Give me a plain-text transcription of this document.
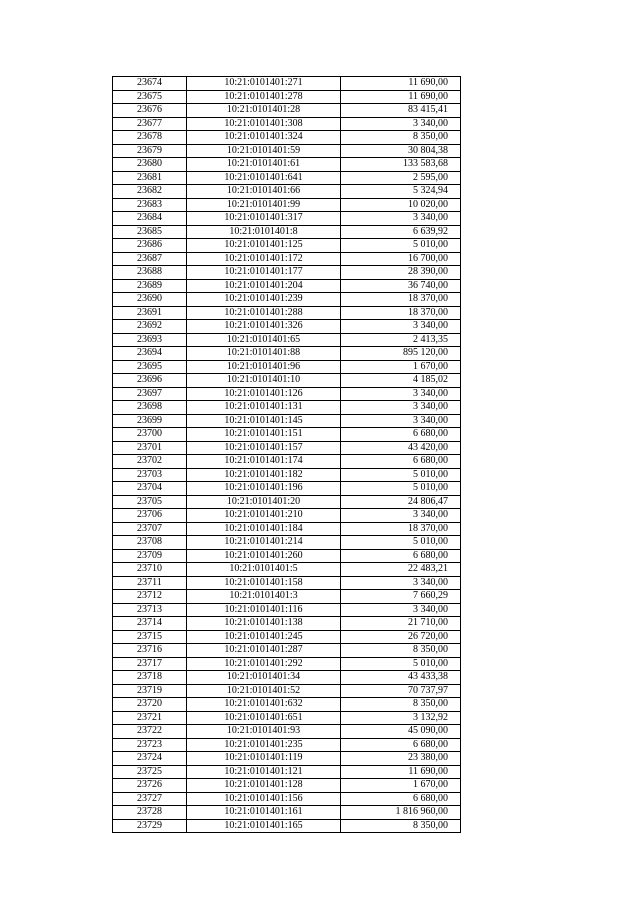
23674	10:21:0101401:271	11 690,00
23675	10:21:0101401:278	11 690,00
23676	10:21:0101401:28	83 415,41
23677	10:21:0101401:308	3 340,00
23678	10:21:0101401:324	8 350,00
23679	10:21:0101401:59	30 804,38
23680	10:21:0101401:61	133 583,68
23681	10:21:0101401:641	2 595,00
23682	10:21:0101401:66	5 324,94
23683	10:21:0101401:99	10 020,00
23684	10:21:0101401:317	3 340,00
23685	10:21:0101401:8	6 639,92
23686	10:21:0101401:125	5 010,00
23687	10:21:0101401:172	16 700,00
23688	10:21:0101401:177	28 390,00
23689	10:21:0101401:204	36 740,00
23690	10:21:0101401:239	18 370,00
23691	10:21:0101401:288	18 370,00
23692	10:21:0101401:326	3 340,00
23693	10:21:0101401:65	2 413,35
23694	10:21:0101401:88	895 120,00
23695	10:21:0101401:96	1 670,00
23696	10:21:0101401:10	4 185,02
23697	10:21:0101401:126	3 340,00
23698	10:21:0101401:131	3 340,00
23699	10:21:0101401:145	3 340,00
23700	10:21:0101401:151	6 680,00
23701	10:21:0101401:157	43 420,00
23702	10:21:0101401:174	6 680,00
23703	10:21:0101401:182	5 010,00
23704	10:21:0101401:196	5 010,00
23705	10:21:0101401:20	24 806,47
23706	10:21:0101401:210	3 340,00
23707	10:21:0101401:184	18 370,00
23708	10:21:0101401:214	5 010,00
23709	10:21:0101401:260	6 680,00
23710	10:21:0101401:5	22 483,21
23711	10:21:0101401:158	3 340,00
23712	10:21:0101401:3	7 660,29
23713	10:21:0101401:116	3 340,00
23714	10:21:0101401:138	21 710,00
23715	10:21:0101401:245	26 720,00
23716	10:21:0101401:287	8 350,00
23717	10:21:0101401:292	5 010,00
23718	10:21:0101401:34	43 433,38
23719	10:21:0101401:52	70 737,97
23720	10:21:0101401:632	8 350,00
23721	10:21:0101401:651	3 132,92
23722	10:21:0101401:93	45 090,00
23723	10:21:0101401:235	6 680,00
23724	10:21:0101401:119	23 380,00
23725	10:21:0101401:121	11 690,00
23726	10:21:0101401:128	1 670,00
23727	10:21:0101401:156	6 680,00
23728	10:21:0101401:161	1 816 960,00
23729	10:21:0101401:165	8 350,00
